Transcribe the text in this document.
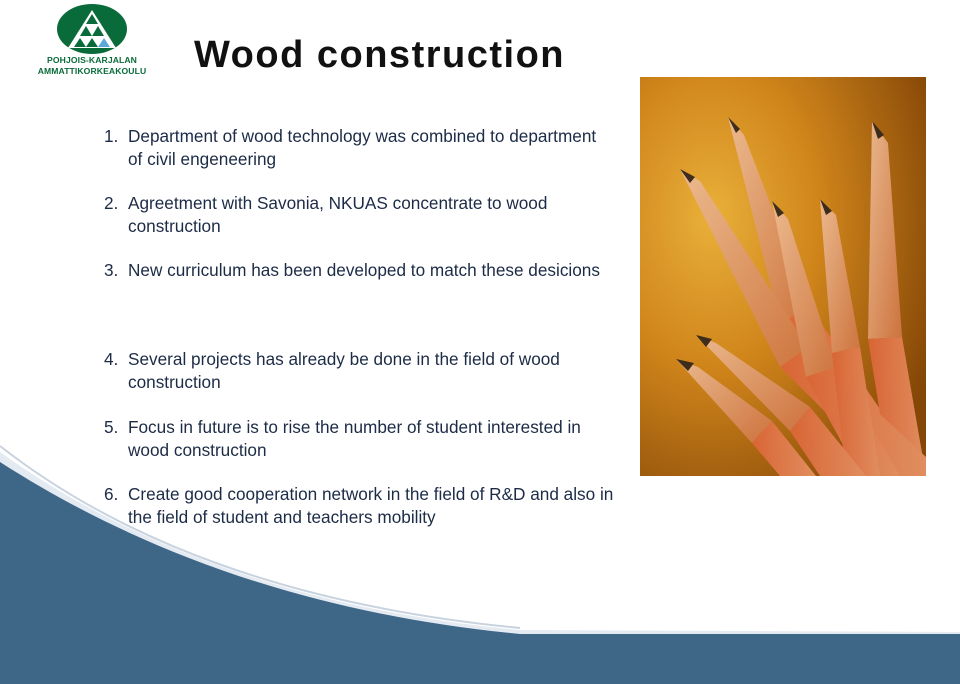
POHJOIS-KARJALAN
AMMATTIKORKEAKOULU Wood construction
1. Department of wood technology was combined to department of civil engeneering
2. Agreetment with Savonia, NKUAS concentrate to wood construction
3. New curriculum has been developed to match these desicions
4. Several projects has already be done in the field of wood construction
5. Focus in future is to rise the number of student interested in wood construction
6. Create good cooperation network in the field of R&D and also in the field of student and teachers mobility
